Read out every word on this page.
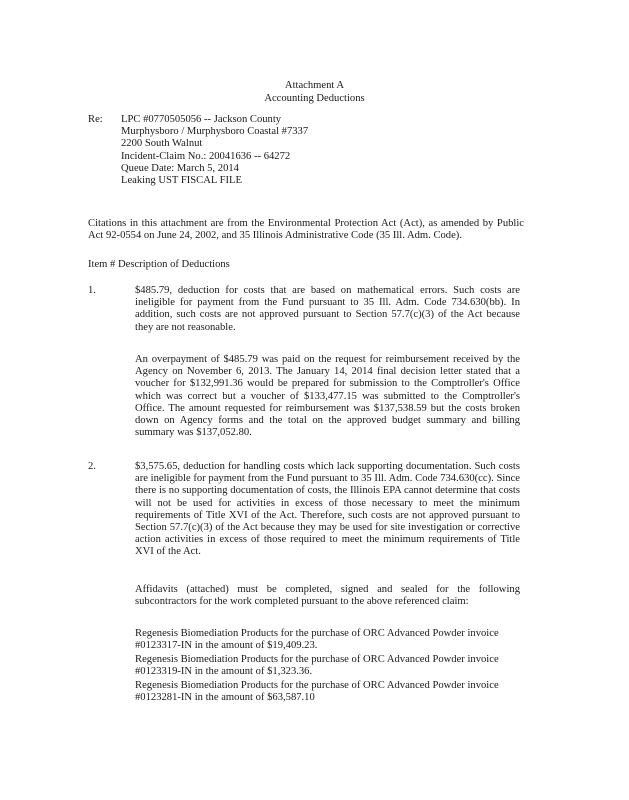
Attachment A
Accounting Deductions
Re: LPC #0770505056 -- Jackson County
Murphysboro / Murphysboro Coastal #7337
2200 South Walnut
Incident-Claim No.: 20041636 -- 64272
Queue Date: March 5, 2014
Leaking UST FISCAL FILE
Citations in this attachment are from the Environmental Protection Act (Act), as amended by Public Act 92-0554 on June 24, 2002, and 35 Illinois Administrative Code (35 Ill. Adm. Code).
Item # Description of Deductions
1.	$485.79, deduction for costs that are based on mathematical errors. Such costs are ineligible for payment from the Fund pursuant to 35 Ill. Adm. Code 734.630(bb). In addition, such costs are not approved pursuant to Section 57.7(c)(3) of the Act because they are not reasonable.
An overpayment of $485.79 was paid on the request for reimbursement received by the Agency on November 6, 2013. The January 14, 2014 final decision letter stated that a voucher for $132,991.36 would be prepared for submission to the Comptroller's Office which was correct but a voucher of $133,477.15 was submitted to the Comptroller's Office. The amount requested for reimbursement was $137,538.59 but the costs broken down on Agency forms and the total on the approved budget summary and billing summary was $137,052.80.
2.	$3,575.65, deduction for handling costs which lack supporting documentation. Such costs are ineligible for payment from the Fund pursuant to 35 Ill. Adm. Code 734.630(cc). Since there is no supporting documentation of costs, the Illinois EPA cannot determine that costs will not be used for activities in excess of those necessary to meet the minimum requirements of Title XVI of the Act. Therefore, such costs are not approved pursuant to Section 57.7(c)(3) of the Act because they may be used for site investigation or corrective action activities in excess of those required to meet the minimum requirements of Title XVI of the Act.
Affidavits (attached) must be completed, signed and sealed for the following subcontractors for the work completed pursuant to the above referenced claim:
Regenesis Biomediation Products for the purchase of ORC Advanced Powder invoice
#0123317-IN in the amount of $19,409.23.
Regenesis Biomediation Products for the purchase of ORC Advanced Powder invoice
#0123319-IN in the amount of $1,323.36.
Regenesis Biomediation Products for the purchase of ORC Advanced Powder invoice
#0123281-IN in the amount of $63,587.10
